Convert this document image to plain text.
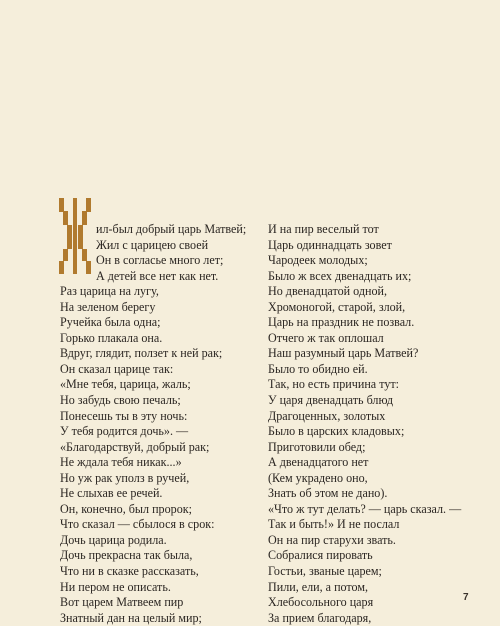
ил-был добрый царь Матвей;
Жил с царицею своей
Он в согласье много лет;
А детей все нет как нет.
Раз царица на лугу,
На зеленом берегу
Ручейка была одна;
Горько плакала она.
Вдруг, глядит, ползет к ней рак;
Он сказал царице так:
«Мне тебя, царица, жаль;
Но забудь свою печаль;
Понесешь ты в эту ночь:
У тебя родится дочь». —
«Благодарствуй, добрый рак;
Не ждала тебя никак...»
Но уж рак уполз в ручей,
Не слыхав ее речей.
Он, конечно, был пророк;
Что сказал — сбылося в срок:
Дочь царица родила.
Дочь прекрасна так была,
Что ни в сказке рассказать,
Ни пером не описать.
Вот царем Матвеем пир
Знатный дан на целый мир;
И на пир веселый тот
Царь одиннадцать зовет
Чародеек молодых;
Было ж всех двенадцать их;
Но двенадцатой одной,
Хромоногой, старой, злой,
Царь на праздник не позвал.
Отчего ж так оплошал
Наш разумный царь Матвей?
Было то обидно ей.
Так, но есть причина тут:
У царя двенадцать блюд
Драгоценных, золотых
Было в царских кладовых;
Приготовили обед;
А двенадцатого нет
(Кем украдено оно,
Знать об этом не дано).
«Что ж тут делать? — царь сказал. —
Так и быть!» И не послал
Он на пир старухи звать.
Собралися пировать
Гостьи, званые царем;
Пили, ели, а потом,
Хлебосольного царя
За прием благодаря,
7
